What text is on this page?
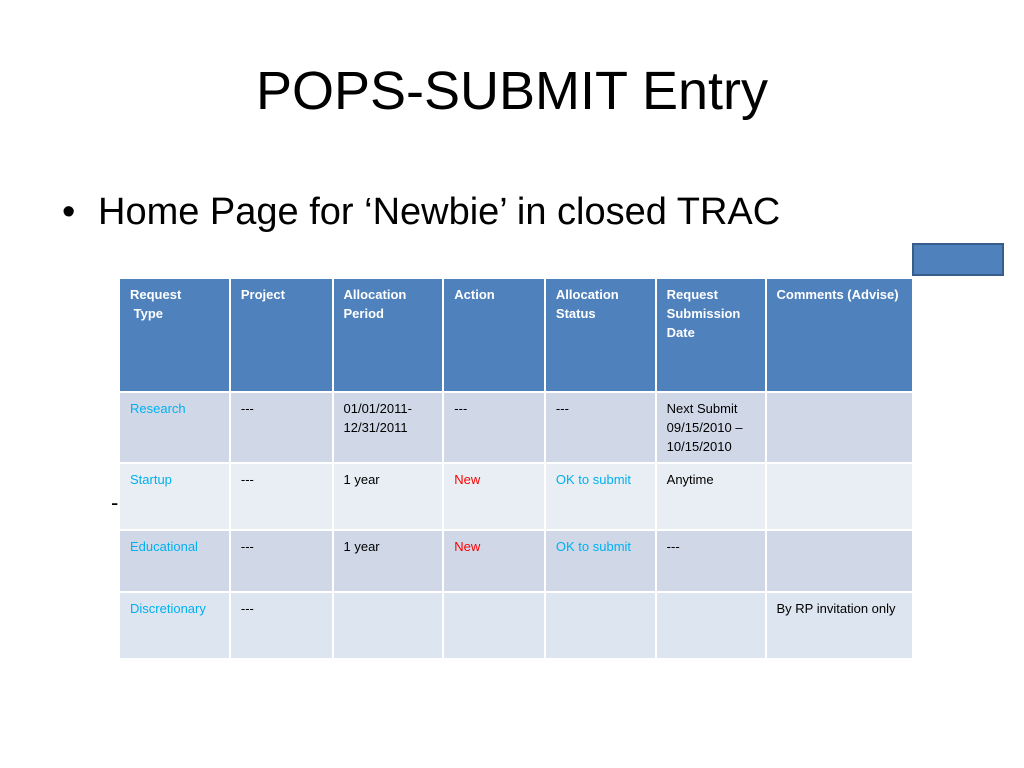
POPS-SUBMIT Entry
• Home Page for ‘Newbie’ in closed TRAC
-
Request
Type	Project	Allocation Period	Action	Allocation Status	Request Submission Date	Comments (Advise)
Research	---	01/01/2011-12/31/2011	---	---	Next Submit 09/15/2010 – 10/15/2010	
Startup	---	1 year	New	OK to submit	Anytime	
Educational	---	1 year	New	OK to submit	---	
Discretionary	---					By RP invitation only
